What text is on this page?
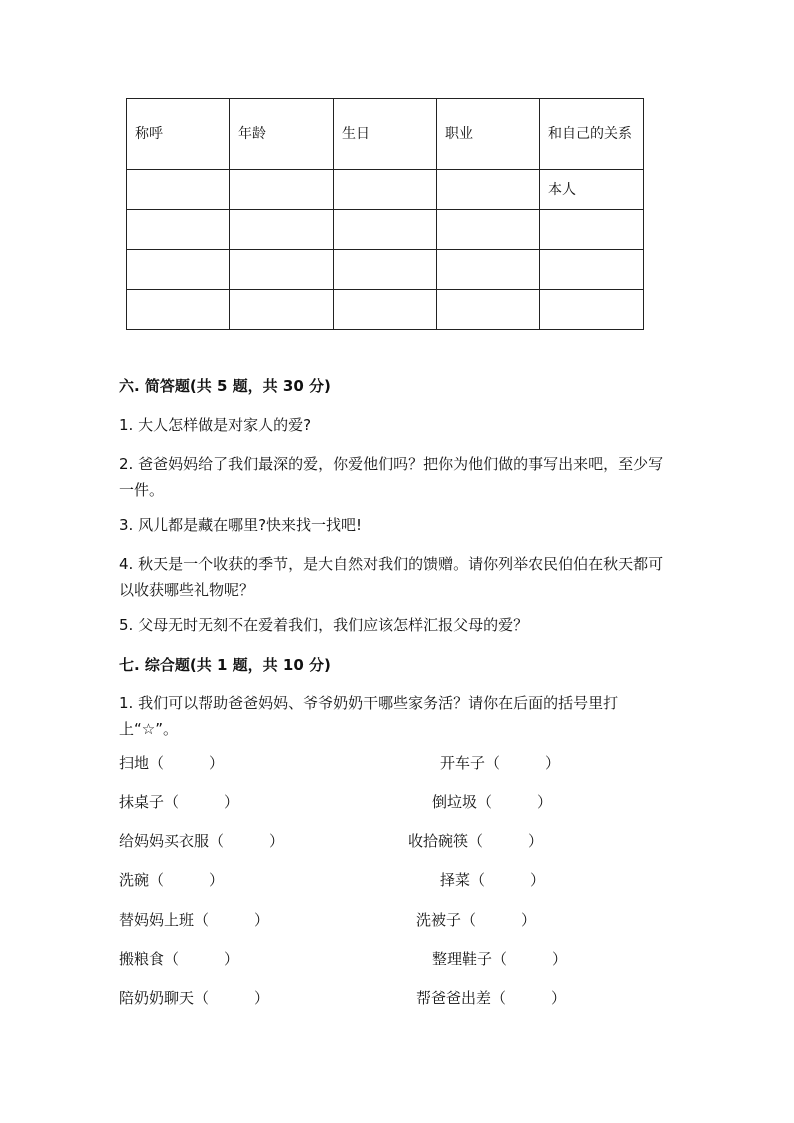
称呼	年龄	生日	职业	和自己的关系
				本人

六. 简答题(共 5 题，共 30 分)
1. 大人怎样做是对家人的爱?
2. 爸爸妈妈给了我们最深的爱，你爱他们吗？把你为他们做的事写出来吧，至少写一件。
3. 风儿都是藏在哪里?快来找一找吧!
4. 秋天是一个收获的季节，是大自然对我们的馈赠。请你列举农民伯伯在秋天都可以收获哪些礼物呢？
5. 父母无时无刻不在爱着我们，我们应该怎样汇报父母的爱？
七. 综合题(共 1 题，共 10 分)
1. 我们可以帮助爸爸妈妈、爷爷奶奶干哪些家务活？请你在后面的括号里打上“☆”。
扫地（　　　）	开车子（　　　）
抹桌子（　　　）	倒垃圾（　　　）
给妈妈买衣服（　　　）	收拾碗筷（　　　）
洗碗（　　　）	择菜（　　　）
替妈妈上班（　　　）	洗被子（　　　）
搬粮食（　　　）	整理鞋子（　　　）
陪奶奶聊天（　　　）	帮爸爸出差（　　　）
